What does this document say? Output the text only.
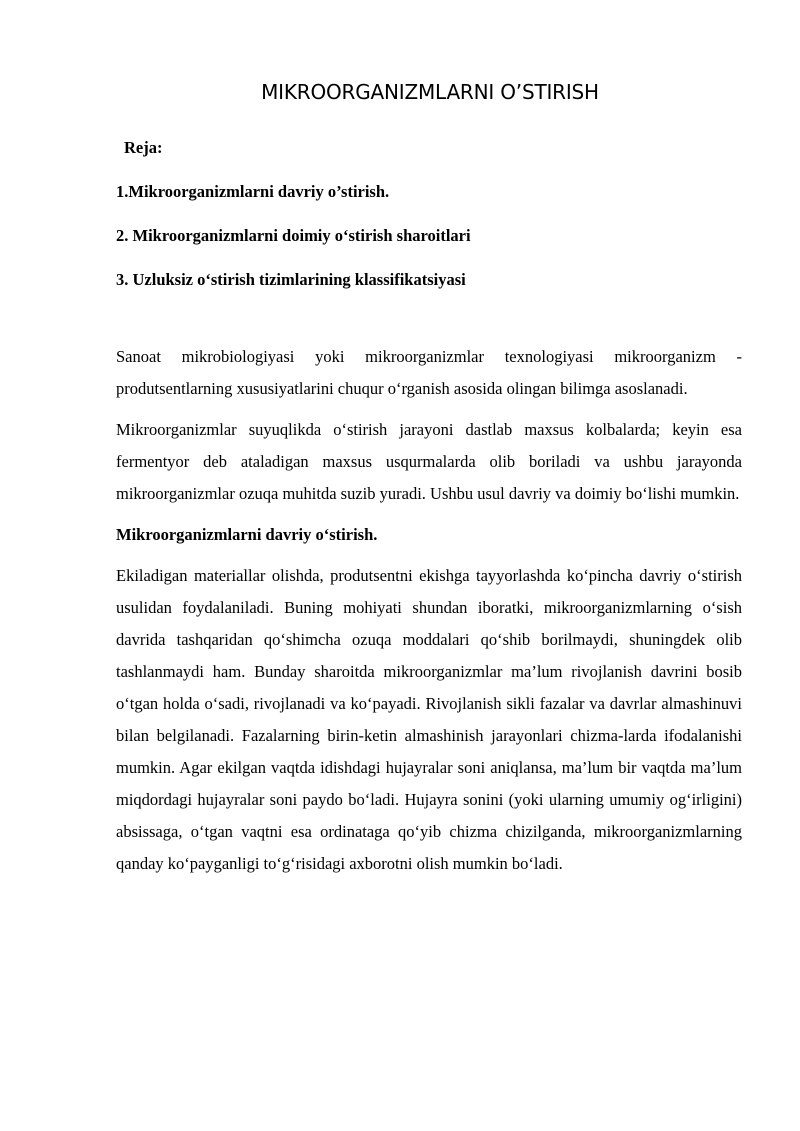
MIKROORGANIZMLARNI O’STIRISH

Reja:

1.Mikroorganizmlarni davriy o’stirish.

2. Mikroorganizmlarni doimiy o‘stirish sharoitlari

3. Uzluksiz o‘stirish tizimlarining klassifikatsiyasi

Sanoat mikrobiologiyasi yoki mikroorganizmlar texnologiyasi mikroorganizm - produtsentlarning xususiyatlarini chuqur o‘rganish asosida olingan bilimga asoslanadi.

Mikroorganizmlar suyuqlikda o‘stirish jarayoni dastlab maxsus kolbalarda; keyin esa fermentyor deb ataladigan maxsus usqurmalarda olib boriladi va ushbu jarayonda mikroorganizmlar ozuqa muhitda suzib yuradi. Ushbu usul davriy va doimiy bo‘lishi mumkin.

Mikroorganizmlarni davriy o‘stirish.

Ekiladigan materiallar olishda, produtsentni ekishga tayyorlashda ko‘pincha davriy o‘stirish usulidan foydalaniladi. Buning mohiyati shundan iboratki, mikroorganizmlarning o‘sish davrida tashqaridan qo‘shimcha ozuqa moddalari qo‘shib borilmaydi, shuningdek olib tashlanmaydi ham. Bunday sharoitda mikroorganizmlar ma’lum rivojlanish davrini bosib o‘tgan holda o‘sadi, rivojlanadi va ko‘payadi. Rivojlanish sikli fazalar va davrlar almashinuvi bilan belgilanadi. Fazalarning birin-ketin almashinish jarayonlari chizma-larda ifodalanishi mumkin. Agar ekilgan vaqtda idishdagi hujayralar soni aniqlansa, ma’lum bir vaqtda ma’lum miqdordagi hujayralar soni paydo bo‘ladi. Hujayra sonini (yoki ularning umumiy og‘irligini) absissaga, o‘tgan vaqtni esa ordinataga qo‘yib chizma chizilganda, mikroorganizmlarning qanday ko‘payganligi to‘g‘risidagi axborotni olish mumkin bo‘ladi.
